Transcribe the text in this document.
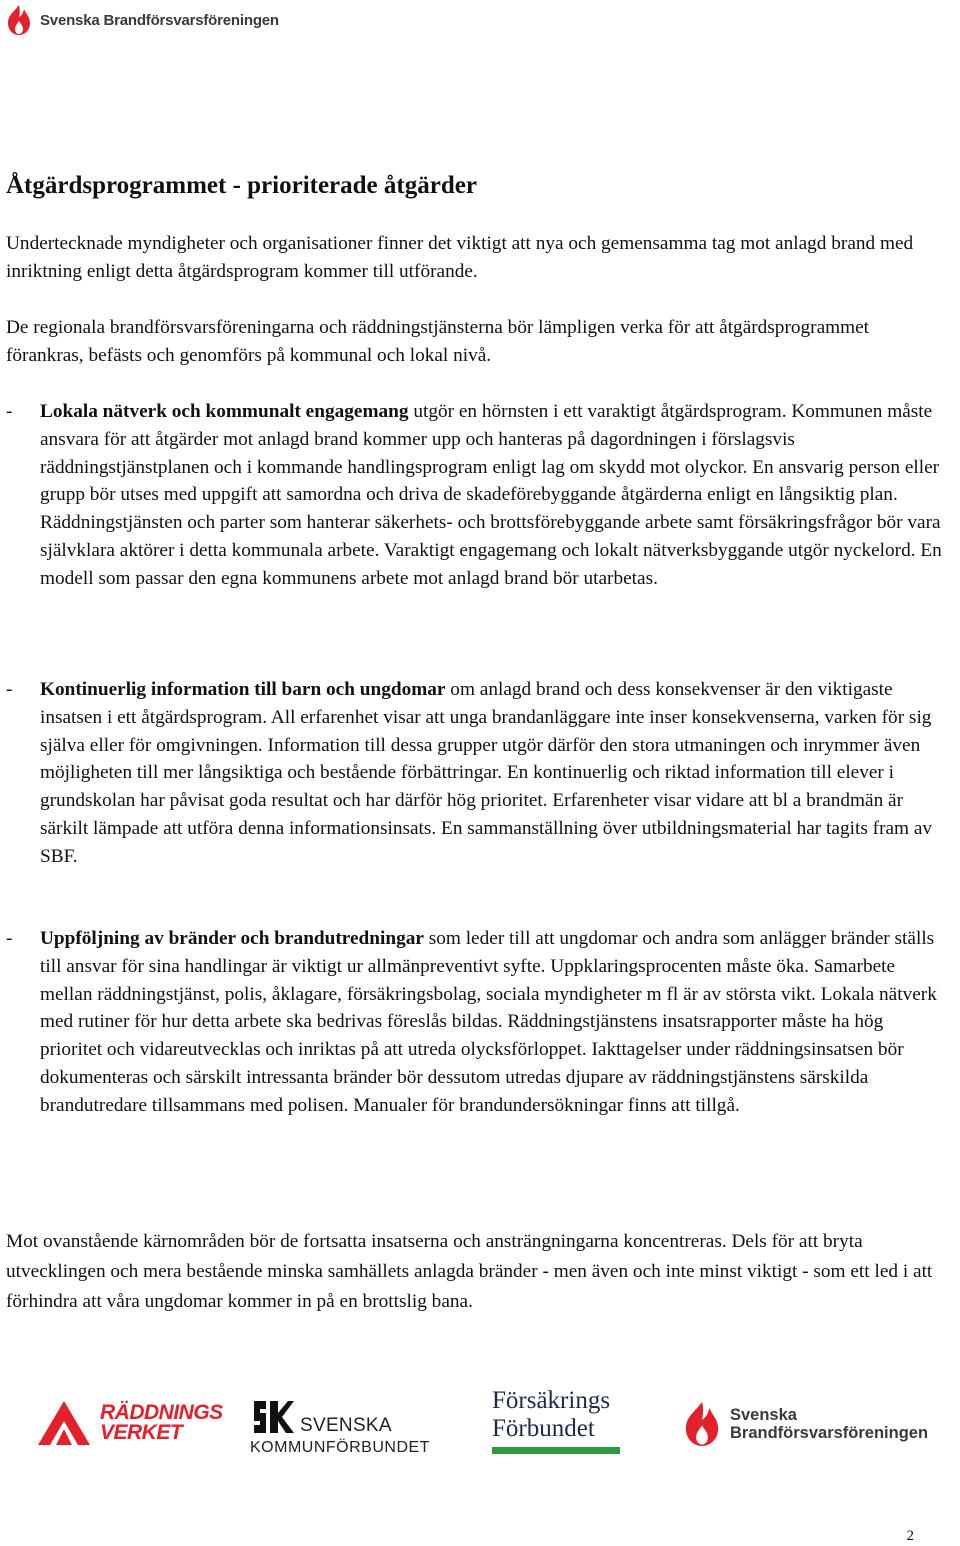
Svenska Brandförsvarsföreningen
Åtgärdsprogrammet - prioriterade åtgärder

Undertecknade myndigheter och organisationer finner det viktigt att nya och gemensamma tag mot anlagd brand med inriktning enligt detta åtgärdsprogram kommer till utförande.

De regionala brandförsvarsföreningarna och räddningstjänsterna bör lämpligen verka för att åtgärdsprogrammet förankras, befästs och genomförs på kommunal och lokal nivå.

- Lokala nätverk och kommunalt engagemang utgör en hörnsten i ett varaktigt åtgärdsprogram. Kommunen måste ansvara för att åtgärder mot anlagd brand kommer upp och hanteras på dagordningen i förslagsvis räddningstjänstplanen och i kommande handlingsprogram enligt lag om skydd mot olyckor. En ansvarig person eller grupp bör utses med uppgift att samordna och driva de skadeförebyggande åtgärderna enligt en långsiktig plan. Räddningstjänsten och parter som hanterar säkerhets- och brottsförebyggande arbete samt försäkringsfrågor bör vara självklara aktörer i detta kommunala arbete. Varaktigt engagemang och lokalt nätverksbyggande utgör nyckelord. En modell som passar den egna kommunens arbete mot anlagd brand bör utarbetas.
- Kontinuerlig information till barn och ungdomar om anlagd brand och dess konsekvenser är den viktigaste insatsen i ett åtgärdsprogram. All erfarenhet visar att unga brandanläggare inte inser konsekvenserna, varken för sig själva eller för omgivningen. Information till dessa grupper utgör därför den stora utmaningen och inrymmer även möjligheten till mer långsiktiga och bestående förbättringar. En kontinuerlig och riktad information till elever i grundskolan har påvisat goda resultat och har därför hög prioritet. Erfarenheter visar vidare att bl a brandmän är särkilt lämpade att utföra denna informationsinsats. En sammanställning över utbildningsmaterial har tagits fram av SBF.
- Uppföljning av bränder och brandutredningar som leder till att ungdomar och andra som anlägger bränder ställs till ansvar för sina handlingar är viktigt ur allmänpreventivt syfte. Uppklaringsprocenten måste öka. Samarbete mellan räddningstjänst, polis, åklagare, försäkringsbolag, sociala myndigheter m fl är av största vikt. Lokala nätverk med rutiner för hur detta arbete ska bedrivas föreslås bildas. Räddningstjänstens insatsrapporter måste ha hög prioritet och vidareutvecklas och inriktas på att utreda olycksförloppet. Iakttagelser under räddningsinsatsen bör dokumenteras och särskilt intressanta bränder bör dessutom utredas djupare av räddningstjänstens särskilda brandutredare tillsammans med polisen. Manualer för brandundersökningar finns att tillgå.

Mot ovanstående kärnområden bör de fortsatta insatserna och ansträngningarna koncentreras. Dels för att bryta utvecklingen och mera bestående minska samhällets anlagda bränder - men även och inte minst viktigt - som ett led i att förhindra att våra ungdomar kommer in på en brottslig bana.

RÄDDNINGS
VERKET	SVENSKA
KOMMUNFÖRBUNDET
Försäkrings
Förbundet	Svenska
Brandförsvarsföreningen
2
